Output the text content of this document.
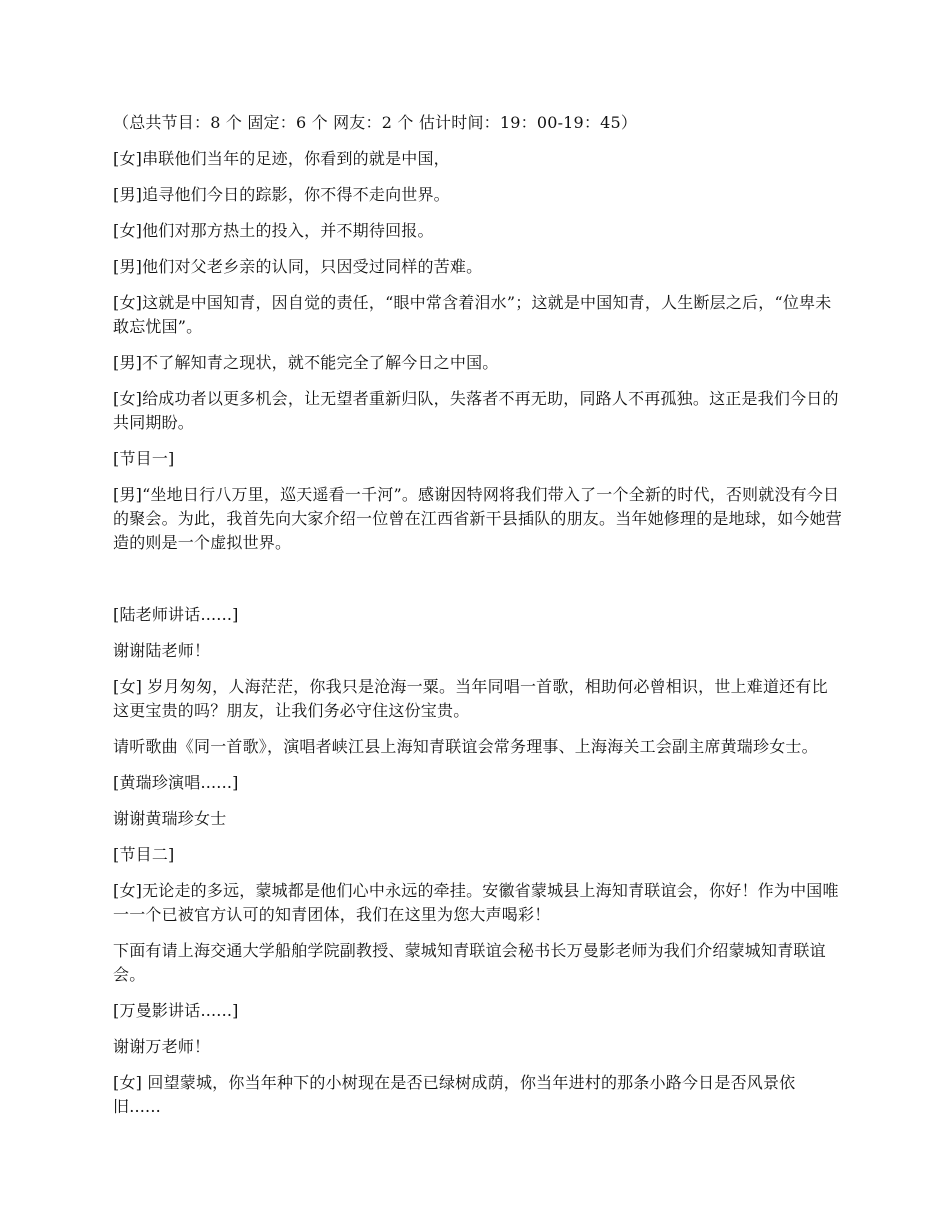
（总共节目：8 个 固定：6 个 网友：2 个 估计时间：19：00-19：45）

[女]串联他们当年的足迹，你看到的就是中国，

[男]追寻他们今日的踪影，你不得不走向世界。

[女]他们对那方热土的投入，并不期待回报。

[男]他们对父老乡亲的认同，只因受过同样的苦难。

[女]这就是中国知青，因自觉的责任，“眼中常含着泪水”；这就是中国知青，人生断层之后，“位卑未敢忘忧国”。

[男]不了解知青之现状，就不能完全了解今日之中国。

[女]给成功者以更多机会，让无望者重新归队，失落者不再无助，同路人不再孤独。这正是我们今日的共同期盼。

[节目一]

[男]“坐地日行八万里，巡天遥看一千河”。感谢因特网将我们带入了一个全新的时代，否则就没有今日的聚会。为此，我首先向大家介绍一位曾在江西省新干县插队的朋友。当年她修理的是地球，如今她营造的则是一个虚拟世界。

[陆老师讲话......]

谢谢陆老师！

[女] 岁月匆匆，人海茫茫，你我只是沧海一粟。当年同唱一首歌，相助何必曾相识，世上难道还有比这更宝贵的吗？朋友，让我们务必守住这份宝贵。

请听歌曲《同一首歌》，演唱者峡江县上海知青联谊会常务理事、上海海关工会副主席黄瑞珍女士。

[黄瑞珍演唱......]

谢谢黄瑞珍女士

[节目二]

[女]无论走的多远，蒙城都是他们心中永远的牵挂。安徽省蒙城县上海知青联谊会，你好！作为中国唯一一个已被官方认可的知青团体，我们在这里为您大声喝彩！

下面有请上海交通大学船舶学院副教授、蒙城知青联谊会秘书长万曼影老师为我们介绍蒙城知青联谊会。

[万曼影讲话......]

谢谢万老师！

[女] 回望蒙城，你当年种下的小树现在是否已绿树成荫，你当年进村的那条小路今日是否风景依旧......
